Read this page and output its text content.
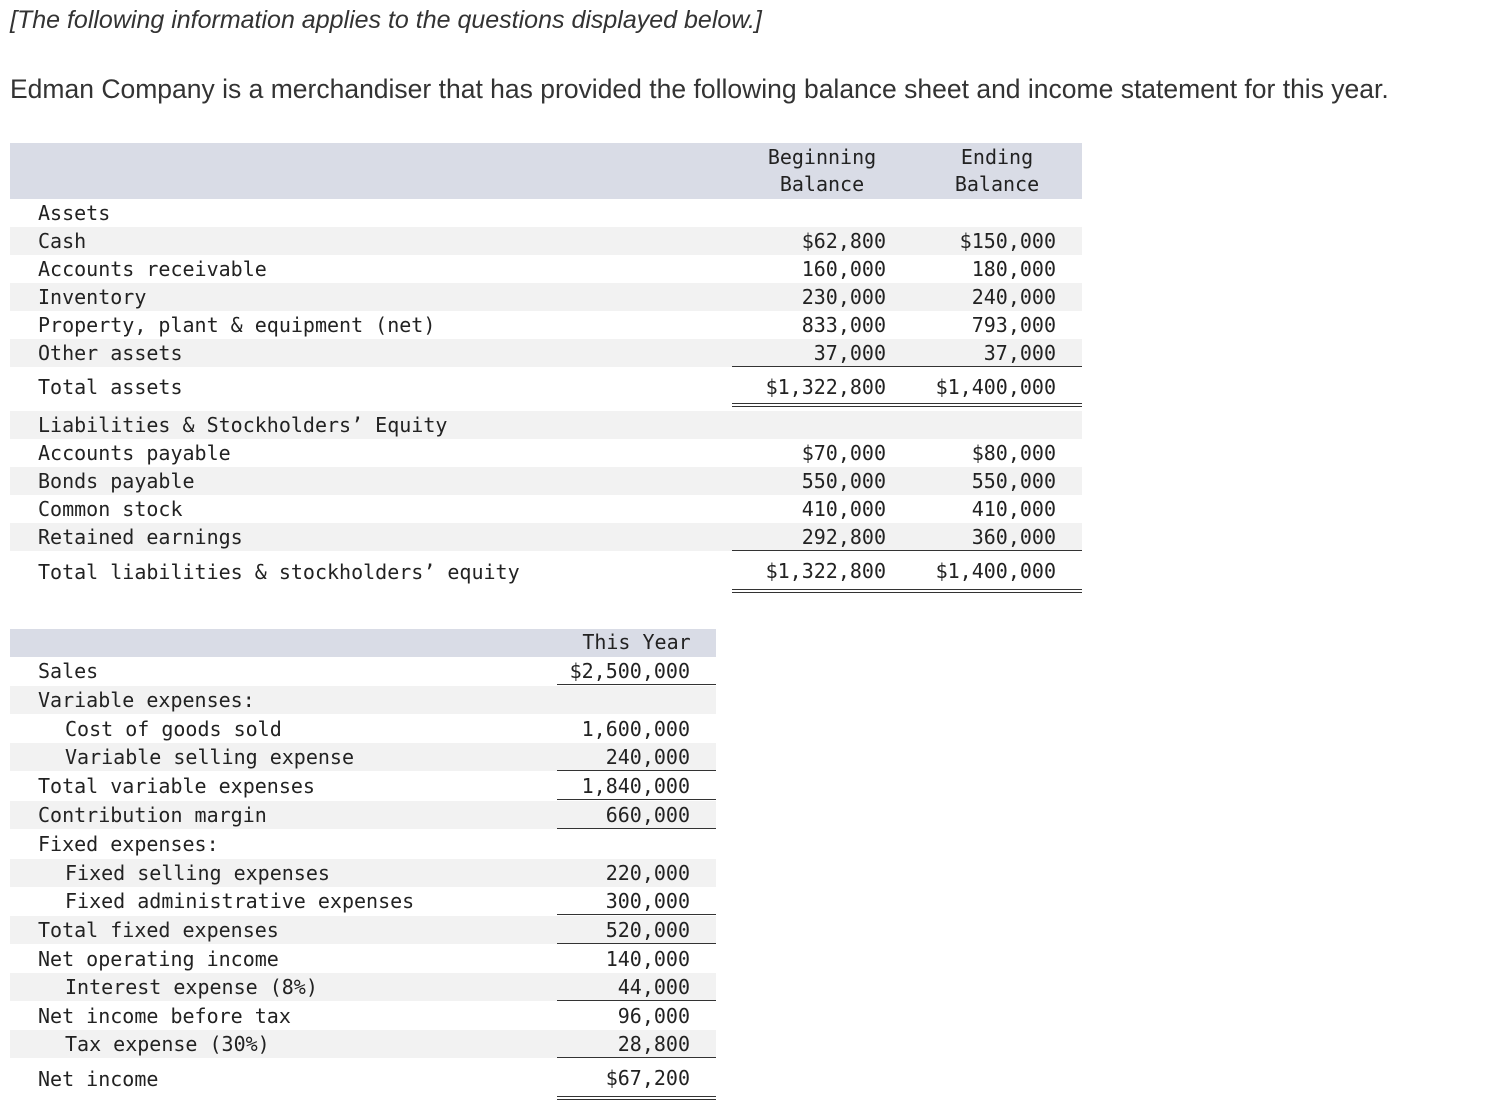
[The following information applies to the questions displayed below.]
Edman Company is a merchandiser that has provided the following balance sheet and income statement for this year.
Beginning
Balance
Ending
Balance
Assets
Cash	$62,800	$150,000
Accounts receivable	160,000	180,000
Inventory	230,000	240,000
Property, plant & equipment (net)	833,000	793,000
Other assets	37,000	37,000
Total assets	$1,322,800	$1,400,000
Liabilities & Stockholders’ Equity
Accounts payable	$70,000	$80,000
Bonds payable	550,000	550,000
Common stock	410,000	410,000
Retained earnings	292,800	360,000
Total liabilities & stockholders’ equity	$1,322,800	$1,400,000
This Year
Sales	$2,500,000
Variable expenses:
Cost of goods sold	1,600,000
Variable selling expense	240,000
Total variable expenses	1,840,000
Contribution margin	660,000
Fixed expenses:
Fixed selling expenses	220,000
Fixed administrative expenses	300,000
Total fixed expenses	520,000
Net operating income	140,000
Interest expense (8%)	44,000
Net income before tax	96,000
Tax expense (30%)	28,800
Net income	$67,200
